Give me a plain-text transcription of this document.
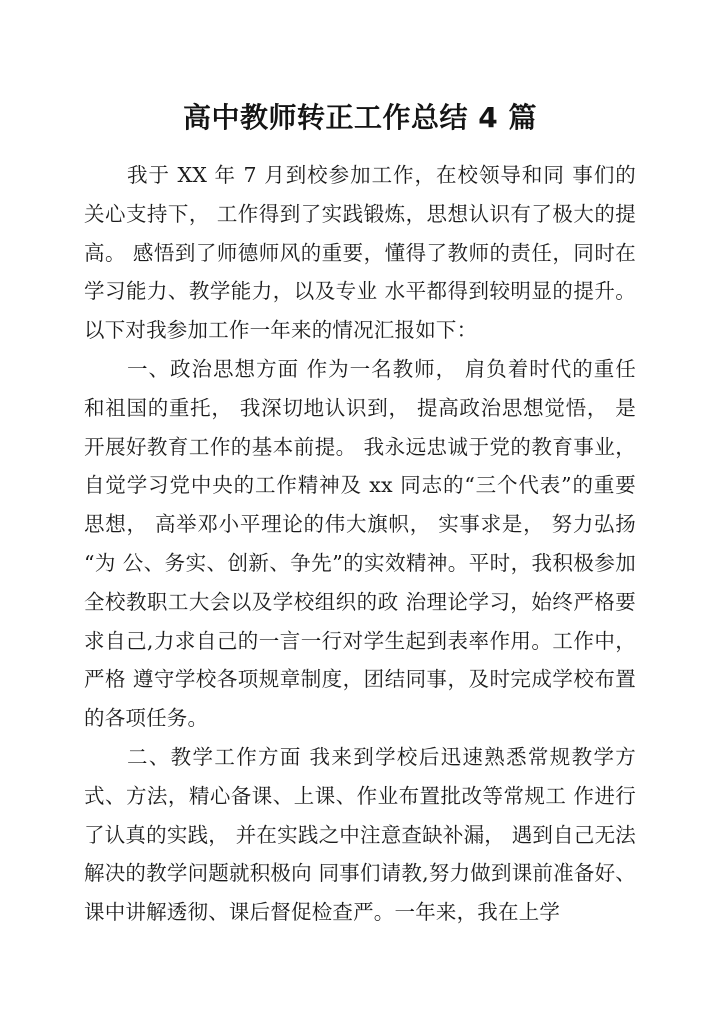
高中教师转正工作总结 4 篇

我于 XX 年 7 月到校参加工作，在校领导和同 事们的关心支持下， 工作得到了实践锻炼，思想认识有了极大的提高。 感悟到了师德师风的重要，懂得了教师的责任，同时在学习能力、教学能力，以及专业 水平都得到较明显的提升。以下对我参加工作一年来的情况汇报如下：

一、政治思想方面 作为一名教师， 肩负着时代的重任和祖国的重托， 我深切地认识到， 提高政治思想觉悟， 是开展好教育工作的基本前提。 我永远忠诚于党的教育事业，自觉学习党中央的工作精神及 xx 同志的“三个代表”的重要思想， 高举邓小平理论的伟大旗帜， 实事求是， 努力弘扬“为 公、务实、创新、争先”的实效精神。平时，我积极参加全校教职工大会以及学校组织的政 治理论学习，始终严格要求自己,力求自己的一言一行对学生起到表率作用。工作中，严格 遵守学校各项规章制度，团结同事，及时完成学校布置的各项任务。

二、教学工作方面 我来到学校后迅速熟悉常规教学方式、方法，精心备课、上课、作业布置批改等常规工 作进行了认真的实践， 并在实践之中注意查缺补漏， 遇到自己无法解决的教学问题就积极向 同事们请教,努力做到课前准备好、课中讲解透彻、课后督促检查严。一年来，我在上学
